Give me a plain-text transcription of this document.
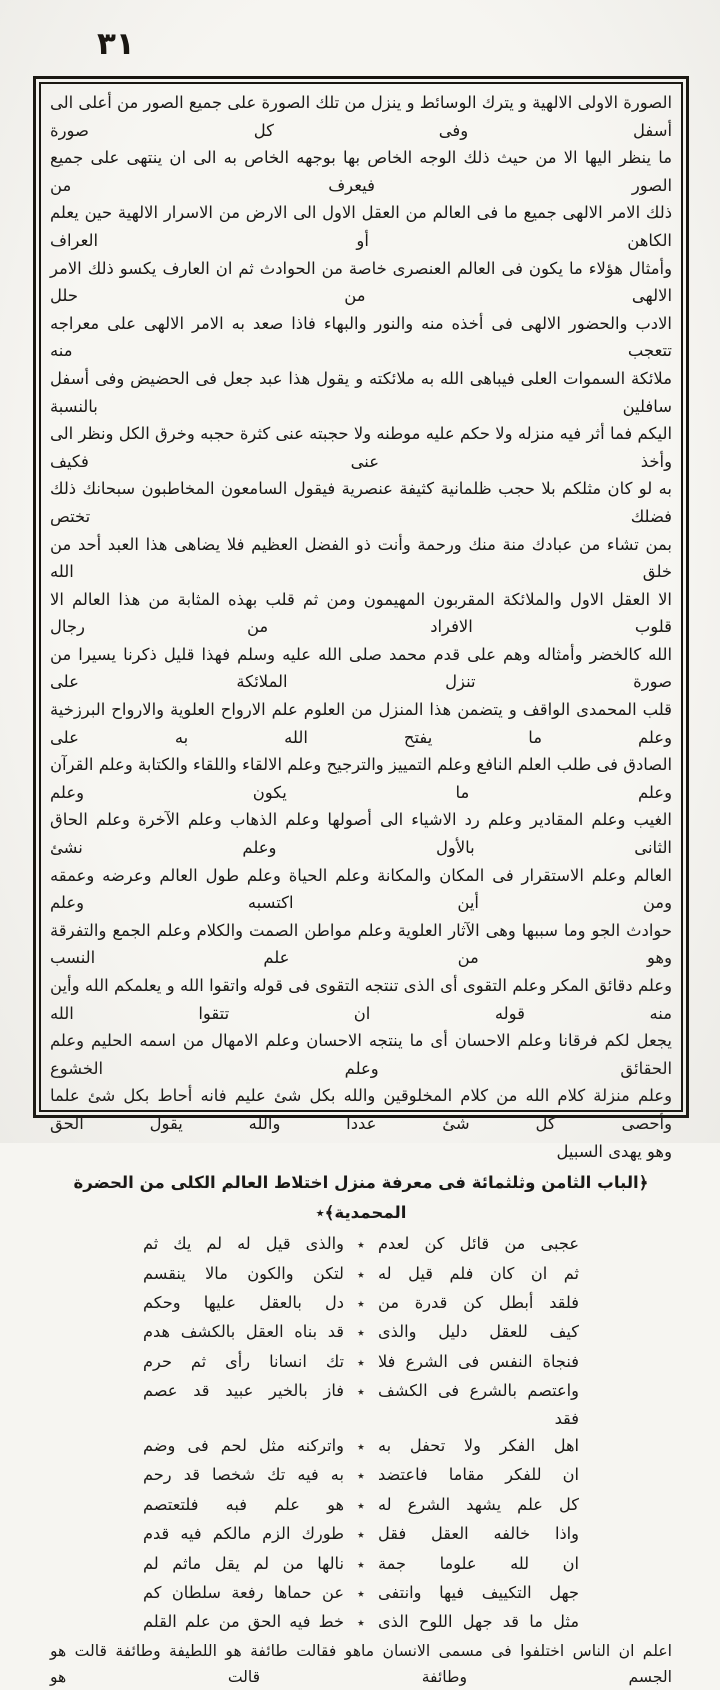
٣١
الصورة الاولى الالهية و يترك الوسائط و ينزل من تلك الصورة على جميع الصور من أعلى الى أسفل وفى كل صورة
ما ينظر اليها الا من حيث ذلك الوجه الخاص بها بوجهه الخاص به الى ان ينتهى على جميع الصور فيعرف من
ذلك الامر الالهى جميع ما فى العالم من العقل الاول الى الارض من الاسرار الالهية حين يعلم الكاهن أو العراف
وأمثال هؤلاء ما يكون فى العالم العنصرى خاصة من الحوادث ثم ان العارف يكسو ذلك الامر الالهى من حلل
الادب والحضور الالهى فى أخذه منه والنور والبهاء فاذا صعد به الامر الالهى على معراجه تتعجب منه
ملائكة السموات العلى فيباهى الله به ملائكته و يقول هذا عبد جعل فى الحضيض وفى أسفل سافلين بالنسبة
اليكم فما أثر فيه منزله ولا حكم عليه موطنه ولا حجبته عنى كثرة حجبه وخرق الكل ونظر الى وأخذ عنى فكيف
به لو كان مثلكم بلا حجب ظلمانية كثيفة عنصرية فيقول السامعون المخاطبون سبحانك ذلك فضلك تختص
بمن تشاء من عبادك منة منك ورحمة وأنت ذو الفضل العظيم فلا يضاهى هذا العبد أحد من خلق الله
الا العقل الاول والملائكة المقربون المهيمون ومن ثم قلب بهذه المثابة من هذا العالم الا قلوب الافراد من رجال
الله كالخضر وأمثاله وهم على قدم محمد صلى الله عليه وسلم فهذا قليل ذكرنا يسيرا من صورة تنزل الملائكة على
قلب المحمدى الواقف و يتضمن هذا المنزل من العلوم علم الارواح العلوية والارواح البرزخية وعلم ما يفتح الله به على
الصادق فى طلب العلم النافع وعلم التمييز والترجيح وعلم الالقاء واللقاء والكتابة وعلم القرآن وعلم ما يكون وعلم
الغيب وعلم المقادير وعلم رد الاشياء الى أصولها وعلم الذهاب وعلم الآخرة وعلم الحاق الثانى بالأول وعلم نشئ
العالم وعلم الاستقرار فى المكان والمكانة وعلم الحياة وعلم طول العالم وعرضه وعمقه ومن أين اكتسبه وعلم
حوادث الجو وما سببها وهى الآثار العلوية وعلم مواطن الصمت والكلام وعلم الجمع والتفرقة وهو من علم النسب
وعلم دقائق المكر وعلم التقوى أى الذى تنتجه التقوى فى قوله واتقوا الله و يعلمكم الله وأين منه قوله ان تتقوا الله
يجعل لكم فرقانا وعلم الاحسان أى ما ينتجه الاحسان وعلم الامهال من اسمه الحليم وعلم الحقائق وعلم الخشوع
وعلم منزلة كلام الله من كلام المخلوقين والله بكل شئ عليم فانه أحاط بكل شئ علما وأحصى كل شئ عددا والله يقول الحق
وهو يهدى السبيل
﴿الباب الثامن وثلثمائة فى معرفة منزل اختلاط العالم الكلى من الحضرة المحمدية﴾٭
عجبى من قائل كن لعدم
٭
والذى قيل له لم يك ثم
ثم ان كان فلم قيل له
٭
لتكن والكون مالا ينقسم
فلقد أبطل كن قدرة من
٭
دل بالعقل عليها وحكم
كيف للعقل دليل والذى
٭
قد بناه العقل بالكشف هدم
فنجاة النفس فى الشرع فلا
٭
تك انسانا رأى ثم حرم
واعتصم بالشرع فى الكشف فقد
٭
فاز بالخير عبيد قد عصم
اهل الفكر ولا تحفل به
٭
واتركنه مثل لحم فى وضم
ان للفكر مقاما فاعتضد
٭
به فيه تك شخصا قد رحم
كل علم يشهد الشرع له
٭
هو علم فبه فلتعتصم
واذا خالفه العقل فقل
٭
طورك الزم مالكم فيه قدم
ان لله علوما جمة
٭
نالها من لم يقل ماثم لم
جهل التكييف فيها وانتفى
٭
عن حماها رفعة سلطان كم
مثل ما قد جهل اللوح الذى
٭
خط فيه الحق من علم القلم
اعلم ان الناس اختلفوا فى مسمى الانسان ماهو فقالت طائفة هو اللطيفة وطائفة قالت هو الجسم وطائفة قالت هو
